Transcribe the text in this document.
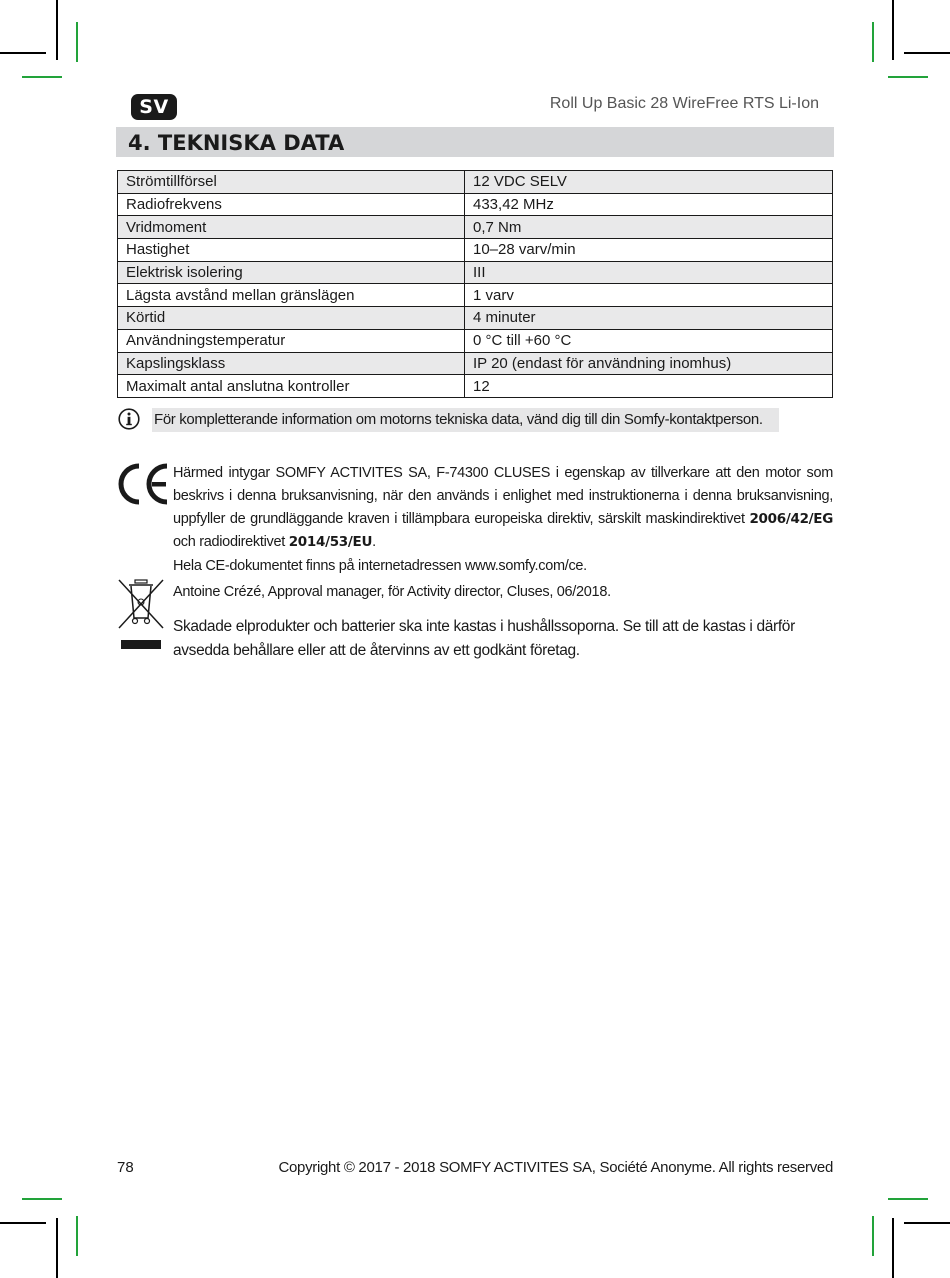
SV	Roll Up Basic 28 WireFree RTS Li-Ion
4. TEKNISKA DATA
Strömtillförsel	12 VDC SELV
Radiofrekvens	433,42 MHz
Vridmoment	0,7 Nm
Hastighet	10–28 varv/min
Elektrisk isolering	III
Lägsta avstånd mellan gränslägen	1 varv
Körtid	4 minuter
Användningstemperatur	0 °C till +60 °C
Kapslingsklass	IP 20 (endast för användning inomhus)
Maximalt antal anslutna kontroller	12
För kompletterande information om motorns tekniska data, vänd dig till din Somfy-kontaktperson.
Härmed intygar SOMFY ACTIVITES SA, F-74300 CLUSES i egenskap av tillverkare att den motor som beskrivs i denna bruksanvisning, när den används i enlighet med instruktionerna i denna bruksanvisning, uppfyller de grundläggande kraven i tillämpbara europeiska direktiv, särskilt maskindirektivet 2006/42/EG och radiodirektivet 2014/53/EU.
Hela CE-dokumentet finns på internetadressen www.somfy.com/ce.
Antoine Crézé, Approval manager, för Activity director, Cluses, 06/2018.
Skadade elprodukter och batterier ska inte kastas i hushållssoporna. Se till att de kastas i därför avsedda behållare eller att de återvinns av ett godkänt företag.
78	Copyright © 2017 - 2018 SOMFY ACTIVITES SA, Société Anonyme. All rights reserved
